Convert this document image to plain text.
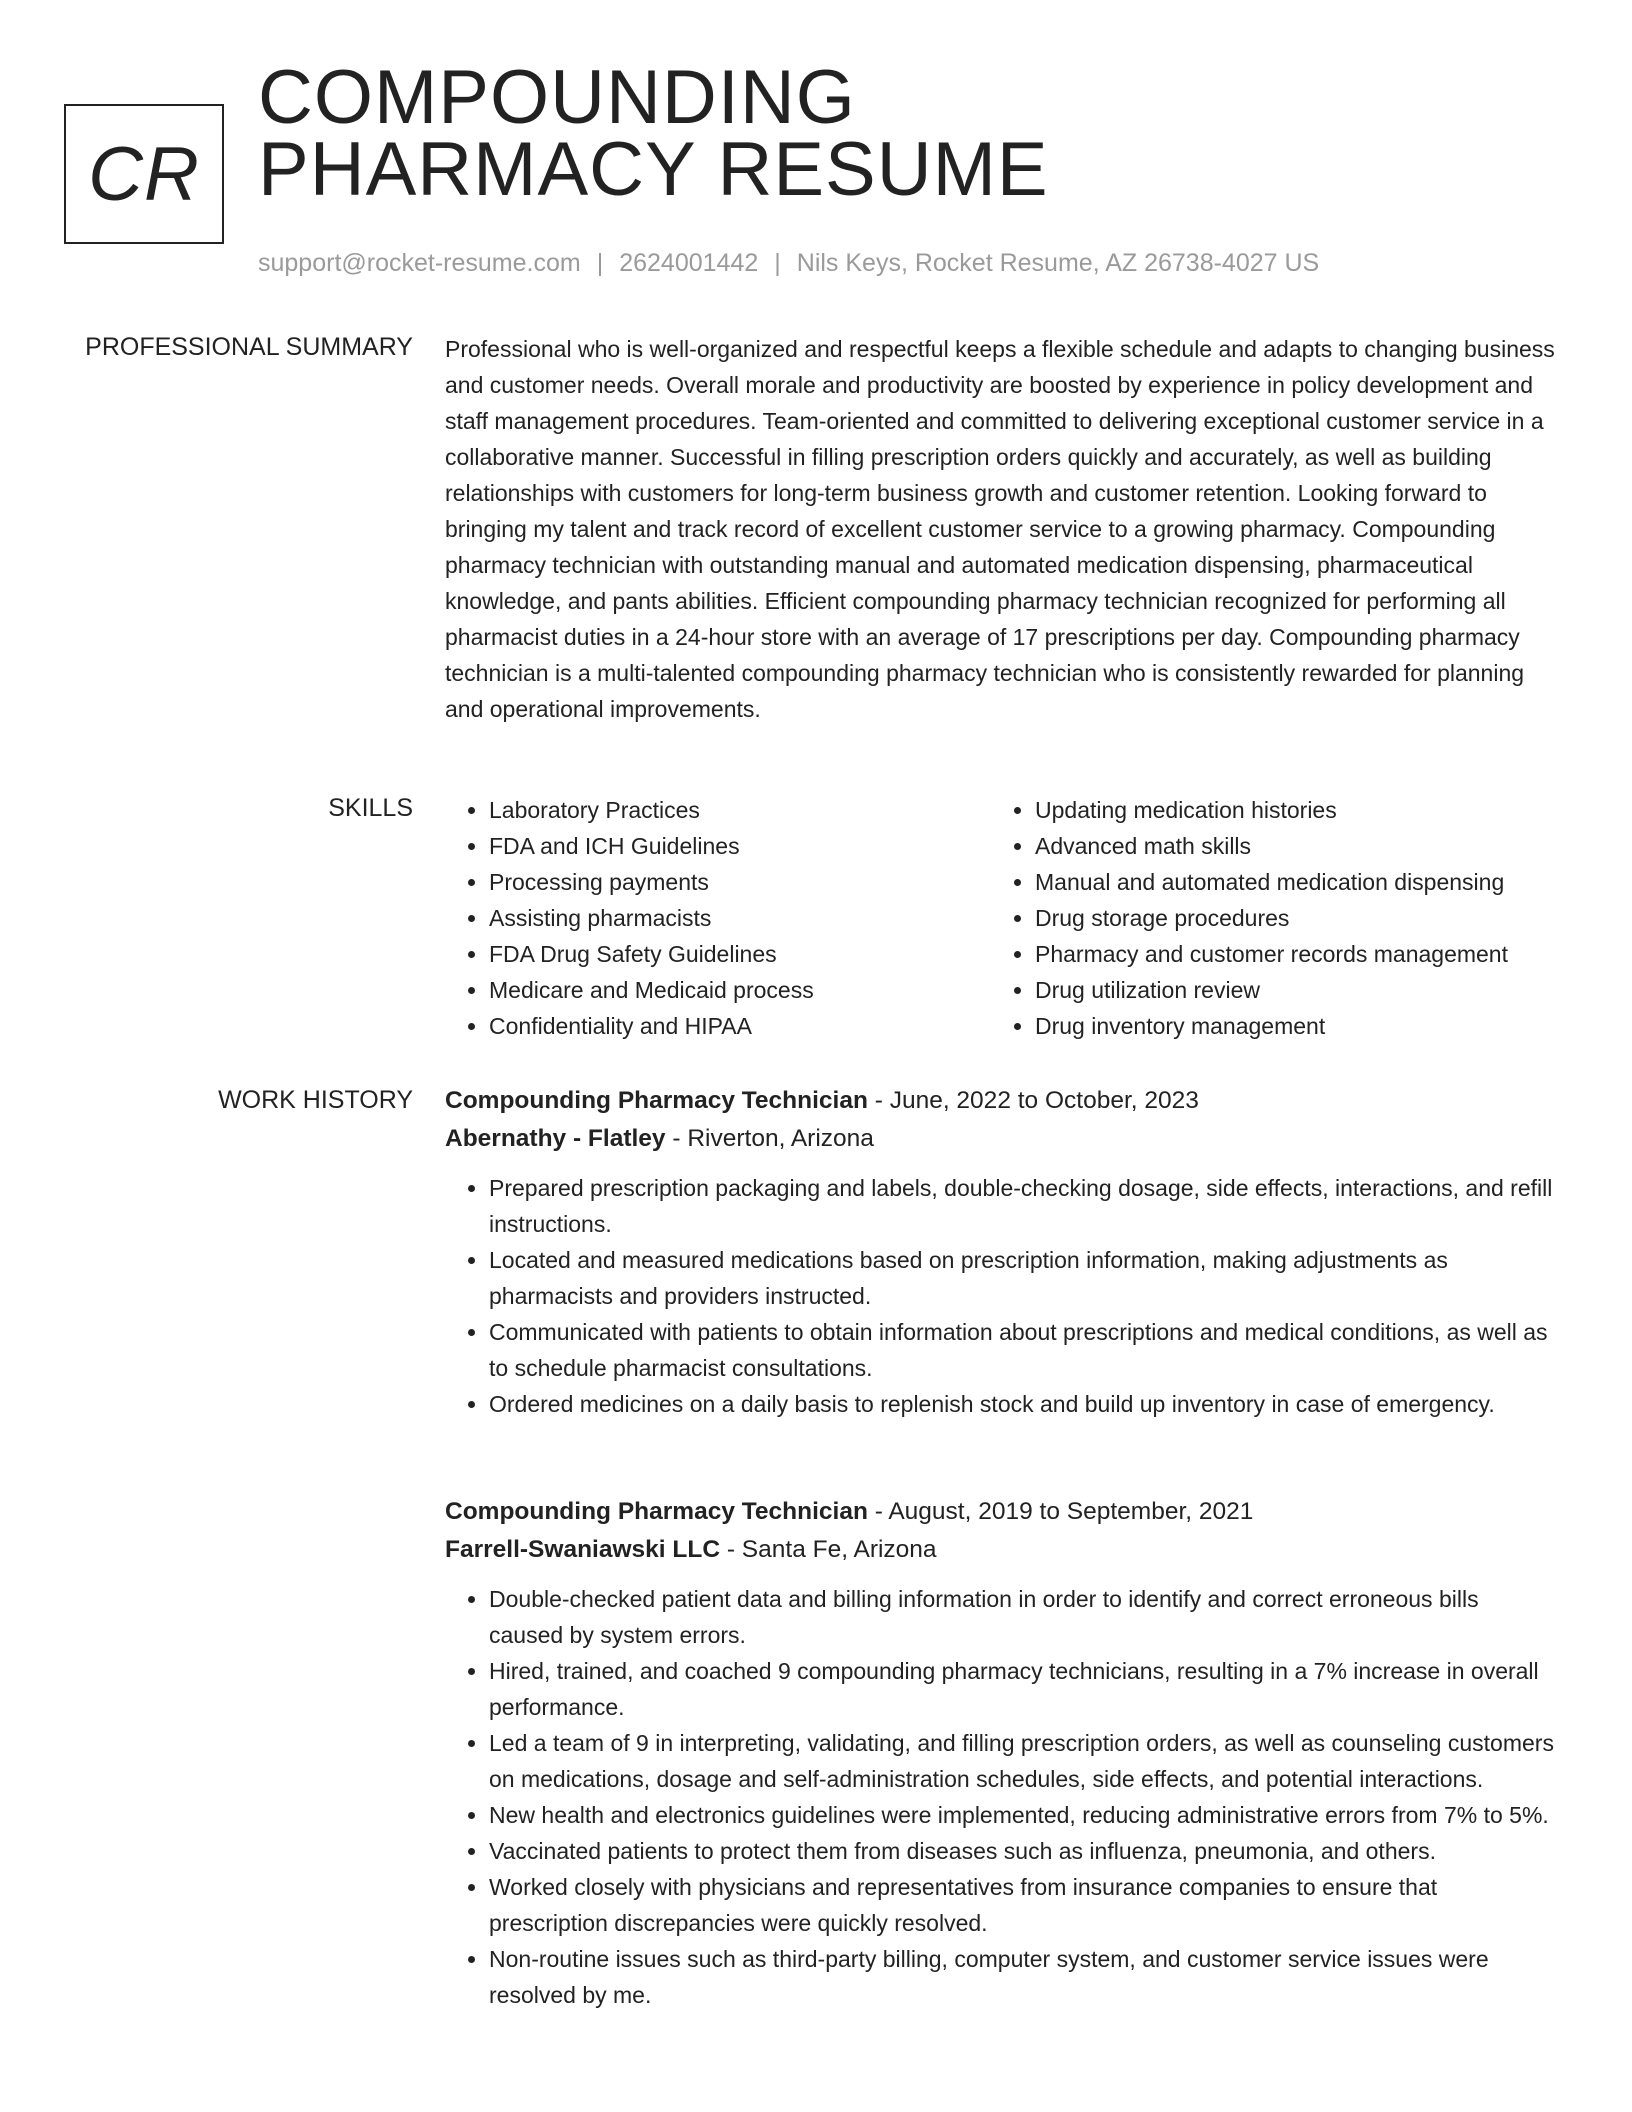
CR
COMPOUNDING
PHARMACY RESUME
support@rocket-resume.com | 2624001442 | Nils Keys, Rocket Resume, AZ 26738-4027 US
PROFESSIONAL SUMMARY Professional who is well-organized and respectful keeps a flexible schedule and adapts to changing business and customer needs. Overall morale and productivity are boosted by experience in policy development and staff management procedures. Team-oriented and committed to delivering exceptional customer service in a collaborative manner. Successful in filling prescription orders quickly and accurately, as well as building relationships with customers for long-term business growth and customer retention. Looking forward to bringing my talent and track record of excellent customer service to a growing pharmacy. Compounding pharmacy technician with outstanding manual and automated medication dispensing, pharmaceutical knowledge, and pants abilities. Efficient compounding pharmacy technician recognized for performing all pharmacist duties in a 24-hour store with an average of 17 prescriptions per day. Compounding pharmacy technician is a multi-talented compounding pharmacy technician who is consistently rewarded for planning and operational improvements.

SKILLS
•	Laboratory Practices
• FDA and ICH Guidelines
• Processing payments
• Assisting pharmacists
• FDA Drug Safety Guidelines
• Medicare and Medicaid process
• Confidentiality and HIPAA
• Updating medication histories
• Advanced math skills
• Manual and automated medication dispensing
• Drug storage procedures
• Pharmacy and customer records management
• Drug utilization review
• Drug inventory management
WORK HISTORY Compounding Pharmacy Technician - June, 2022 to October, 2023
Abernathy - Flatley - Riverton, Arizona
• Prepared prescription packaging and labels, double-checking dosage, side effects, interactions, and refill instructions.
• Located and measured medications based on prescription information, making adjustments as pharmacists and providers instructed.
• Communicated with patients to obtain information about prescriptions and medical conditions, as well as to schedule pharmacist consultations.
• Ordered medicines on a daily basis to replenish stock and build up inventory in case of emergency.
Compounding Pharmacy Technician - August, 2019 to September, 2021
Farrell-Swaniawski LLC - Santa Fe, Arizona
• Double-checked patient data and billing information in order to identify and correct erroneous bills caused by system errors.
• Hired, trained, and coached 9 compounding pharmacy technicians, resulting in a 7% increase in overall performance.
• Led a team of 9 in interpreting, validating, and filling prescription orders, as well as counseling customers on medications, dosage and self-administration schedules, side effects, and potential interactions.
• New health and electronics guidelines were implemented, reducing administrative errors from 7% to 5%.
• Vaccinated patients to protect them from diseases such as influenza, pneumonia, and others.
• Worked closely with physicians and representatives from insurance companies to ensure that prescription discrepancies were quickly resolved.
• Non-routine issues such as third-party billing, computer system, and customer service issues were resolved by me.
